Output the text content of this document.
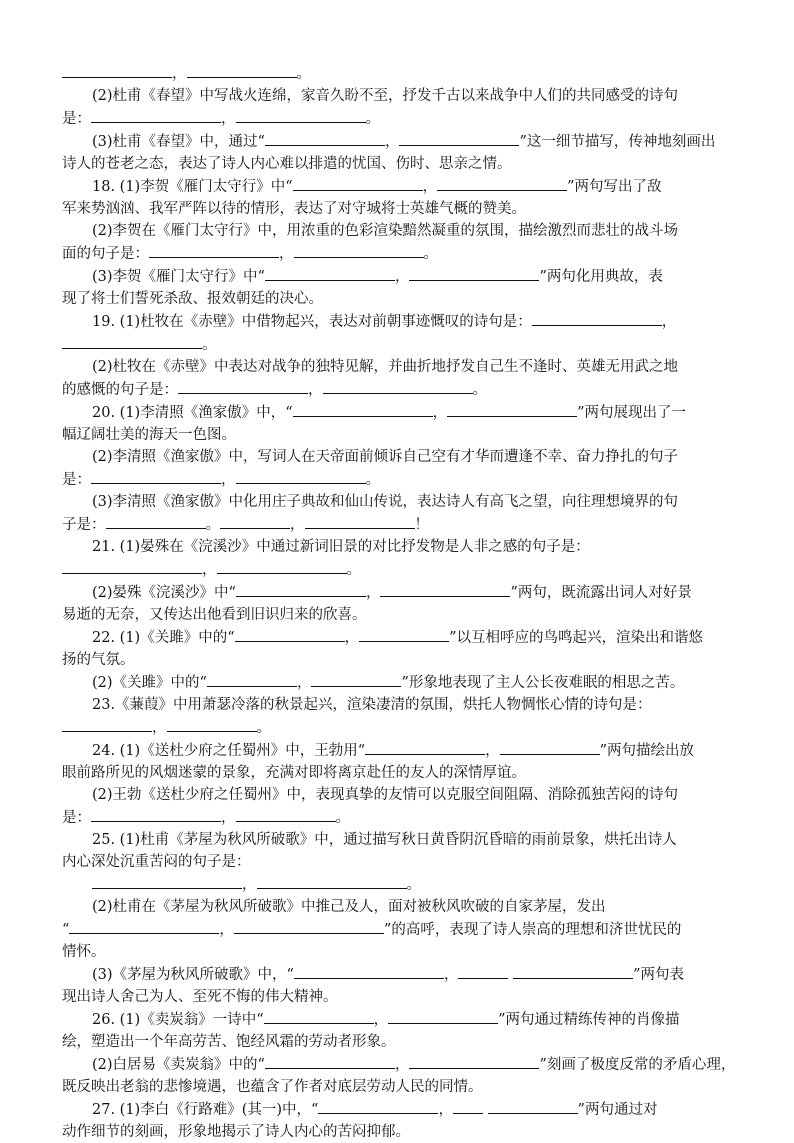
，	。

(2)杜甫《春望》中写战火连绵，家音久盼不至，抒发千古以来战争中人们的共同感受的诗句

是：	，	。

(3)杜甫《春望》中，通过“	，	”这一细节描写，传神地刻画出

诗人的苍老之态，表达了诗人内心难以排遣的忧国、伤时、思亲之情。

18. (1)李贺《雁门太守行》中“	，	”两句写出了敌

军来势汹汹、我军严阵以待的情形，表达了对守城将士英雄气概的赞美。

(2)李贺在《雁门太守行》中，用浓重的色彩渲染黯然凝重的氛围，描绘激烈而悲壮的战斗场

面的句子是：	，	。

(3)李贺《雁门太守行》中“	，	”两句化用典故，表

现了将士们誓死杀敌、报效朝廷的决心。

19. (1)杜牧在《赤壁》中借物起兴，表达对前朝事迹慨叹的诗句是：	，

。

(2)杜牧在《赤壁》中表达对战争的独特见解，并曲折地抒发自己生不逢时、英雄无用武之地

的感慨的句子是：	，	。

20. (1)李清照《渔家傲》中，“	，	”两句展现出了一

幅辽阔壮美的海天一色图。

(2)李清照《渔家傲》中，写词人在天帝面前倾诉自己空有才华而遭逢不幸、奋力挣扎的句子

是：	，	。

(3)李清照《渔家傲》中化用庄子典故和仙山传说，表达诗人有高飞之望，向往理想境界的句

子是：	。	，	！

21. (1)晏殊在《浣溪沙》中通过新词旧景的对比抒发物是人非之感的句子是：

，	。

(2)晏殊《浣溪沙》中“	，	”两句，既流露出词人对好景

易逝的无奈，又传达出他看到旧识归来的欣喜。

22. (1)《关雎》中的“	，	”以互相呼应的鸟鸣起兴，渲染出和谐悠

扬的气氛。

(2)《关雎》中的“	，	”形象地表现了主人公长夜难眠的相思之苦。

23.《蒹葭》中用萧瑟冷落的秋景起兴，渲染凄清的氛围，烘托人物惆怅心情的诗句是：

，	。

24. (1)《送杜少府之任蜀州》中，王勃用“	，	”两句描绘出放

眼前路所见的风烟迷蒙的景象，充满对即将离京赴任的友人的深情厚谊。

(2)王勃《送杜少府之任蜀州》中，表现真挚的友情可以克服空间阻隔、消除孤独苦闷的诗句

是：	，	。

25. (1)杜甫《茅屋为秋风所破歌》中，通过描写秋日黄昏阴沉昏暗的雨前景象，烘托出诗人

内心深处沉重苦闷的句子是：

，	。

(2)杜甫在《茅屋为秋风所破歌》中推己及人，面对被秋风吹破的自家茅屋，发出

“	，	”的高呼，表现了诗人崇高的理想和济世忧民的

情怀。

(3)《茅屋为秋风所破歌》中，“	，	”两句表

现出诗人舍己为人、至死不悔的伟大精神。

26. (1)《卖炭翁》一诗中“	，	”两句通过精练传神的肖像描

绘，塑造出一个年高劳苦、饱经风霜的劳动者形象。

(2)白居易《卖炭翁》中的“	，	”刻画了极度反常的矛盾心理，

既反映出老翁的悲惨境遇，也蕴含了作者对底层劳动人民的同情。

27. (1)李白《行路难》(其一)中，“	，	”两句通过对

动作细节的刻画，形象地揭示了诗人内心的苦闷抑郁。
